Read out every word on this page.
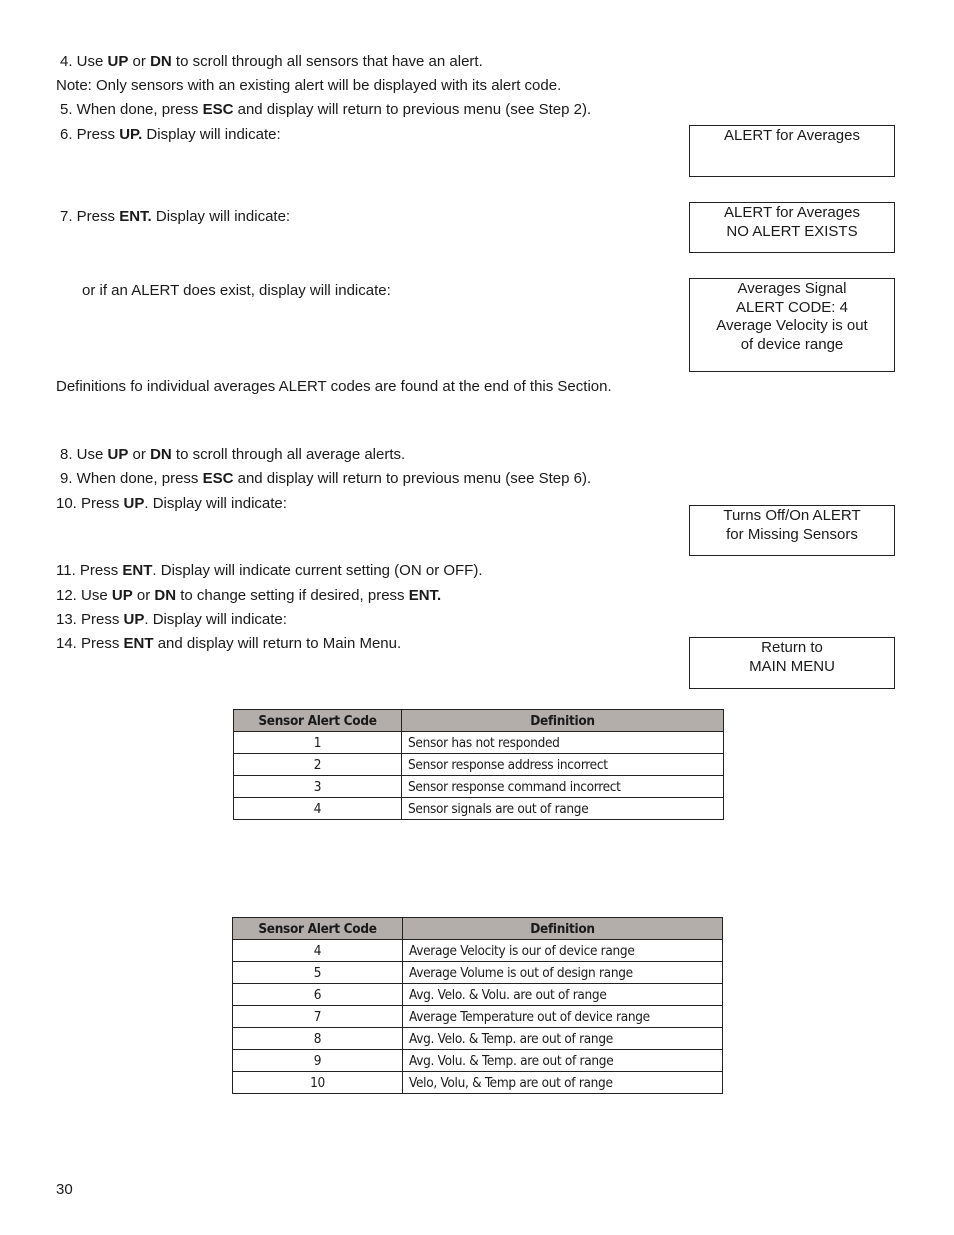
4. Use UP or DN to scroll through all sensors that have an alert.
Note: Only sensors with an existing alert will be displayed with its alert code.
5. When done, press ESC and display will return to previous menu (see Step 2).
6. Press UP. Display will indicate:
7. Press ENT. Display will indicate:
or if an ALERT does exist, display will indicate:
Definitions fo individual averages ALERT codes are found at the end of this Section.
8. Use UP or DN to scroll through all average alerts.
9. When done, press ESC and display will return to previous menu (see Step 6).
10. Press UP. Display will indicate:
11. Press ENT. Display will indicate current setting (ON or OFF).
12. Use UP or DN to change setting if desired, press ENT.
13. Press UP. Display will indicate:
14. Press ENT and display will return to Main Menu.
ALERT for Averages
ALERT for Averages
NO ALERT EXISTS
Averages Signal
ALERT CODE: 4
Average Velocity is out
of device range
Turns Off/On ALERT
for Missing Sensors
Return to
MAIN MENU
Sensor Alert Code	Definition
1	Sensor has not responded
2	Sensor response address incorrect
3	Sensor response command incorrect
4	Sensor signals are out of range
Sensor Alert Code	Definition
4	Average Velocity is our of device range
5	Average Volume is out of design range
6	Avg. Velo. & Volu. are out of range
7	Average Temperature out of device range
8	Avg. Velo. & Temp. are out of range
9	Avg. Volu. & Temp. are out of range
10	Velo, Volu, & Temp are out of range
30
